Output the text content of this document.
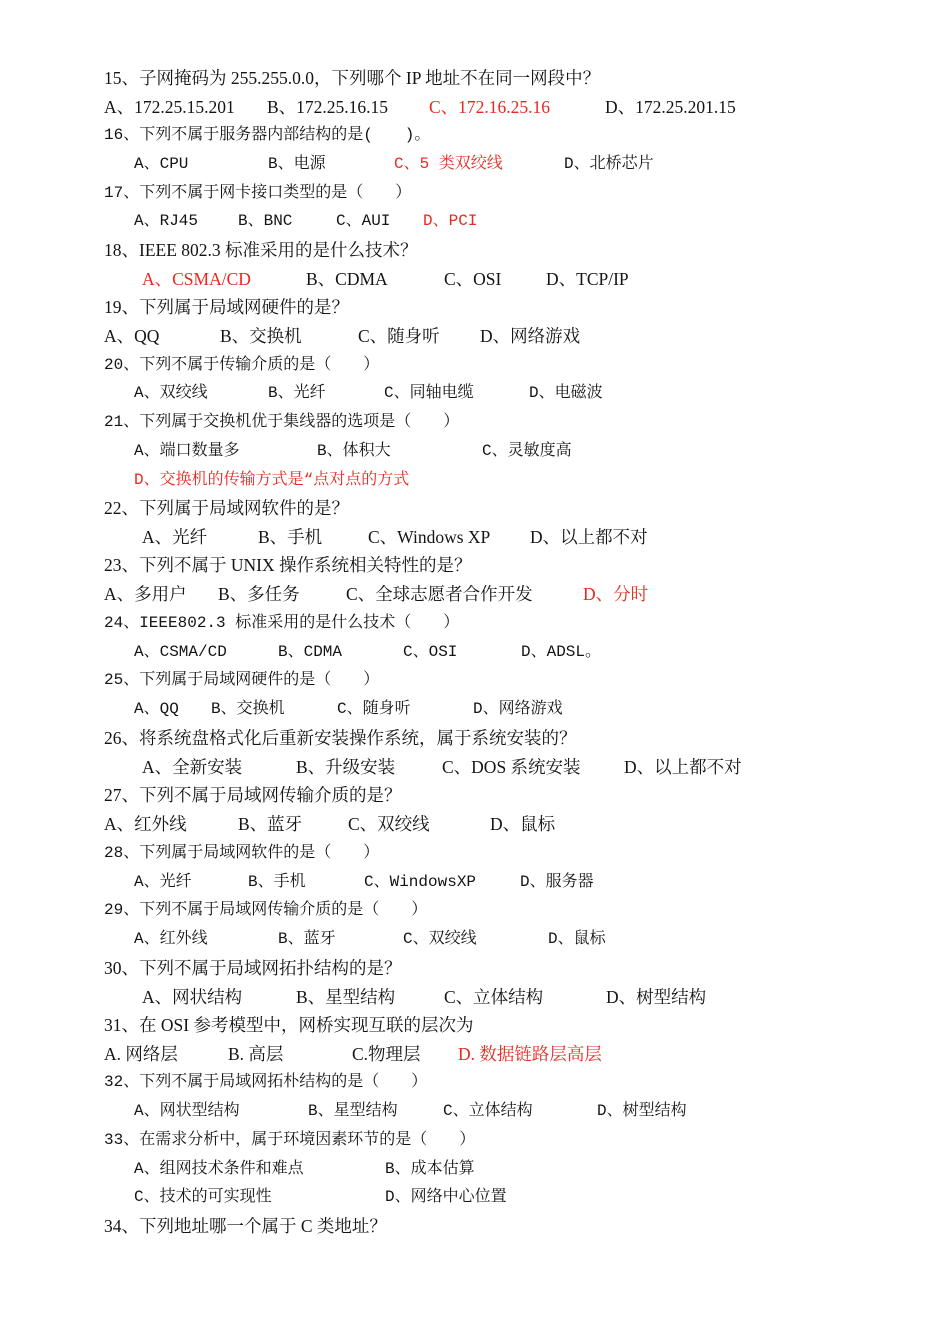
15、子网掩码为 255.255.0.0，下列哪个 IP 地址不在同一网段中？
A、172.25.15.201 B、172.25.16.15 C、172.16.25.16	D、172.25.201.15
16、下列不属于服务器内部结构的是(　　)。
A、CPU	B、电源	C、5 类双绞线	D、北桥芯片
17、下列不属于网卡接口类型的是（　　）
A、RJ45 B、BNC	C、AUI D、PCI
18、IEEE 802.3 标准采用的是什么技术？
A、CSMA/CD	B、CDMA	C、OSI	D、TCP/IP
19、下列属于局域网硬件的是？
A、QQ	B、交换机	C、随身听 D、网络游戏
20、下列不属于传输介质的是（　　）
A、双绞线	B、光纤	C、同轴电缆	D、电磁波
21、下列属于交换机优于集线器的选项是（　　）
A、端口数量多	B、体积大	C、灵敏度高
D、交换机的传输方式是“点对点的方式
22、下列属于局域网软件的是？
A、光纤	B、手机	C、Windows XP D、以上都不对
23、下列不属于 UNIX 操作系统相关特性的是？
A、多用户 B、多任务	C、全球志愿者合作开发	D、分时
24、IEEE802.3 标准采用的是什么技术（　　）
A、CSMA/CD	B、CDMA	C、OSI	D、ADSL。
25、下列属于局域网硬件的是（　　）
A、QQ B、交换机	C、随身听	D、网络游戏
26、将系统盘格式化后重新安装操作系统，属于系统安装的？
A、全新安装	B、升级安装	C、DOS 系统安装 D、以上都不对
27、下列不属于局域网传输介质的是？
A、红外线	B、蓝牙	C、双绞线	D、鼠标
28、下列属于局域网软件的是（　　）
A、光纤	B、手机	C、WindowsXP	D、服务器
29、下列不属于局域网传输介质的是（　　）
A、红外线	B、蓝牙	C、双绞线	D、鼠标
30、下列不属于局域网拓扑结构的是？
A、网状结构	B、星型结构	C、立体结构	D、树型结构
31、在 OSI 参考模型中，网桥实现互联的层次为
A. 网络层	B. 高层	C.物理层 D. 数据链路层高层
32、下列不属于局域网拓朴结构的是（　　）
A、网状型结构	B、星型结构	C、立体结构	D、树型结构
33、在需求分析中，属于环境因素环节的是（　　）
A、组网技术条件和难点	B、成本估算
C、技术的可实现性	D、网络中心位置
34、下列地址哪一个属于 C 类地址？
